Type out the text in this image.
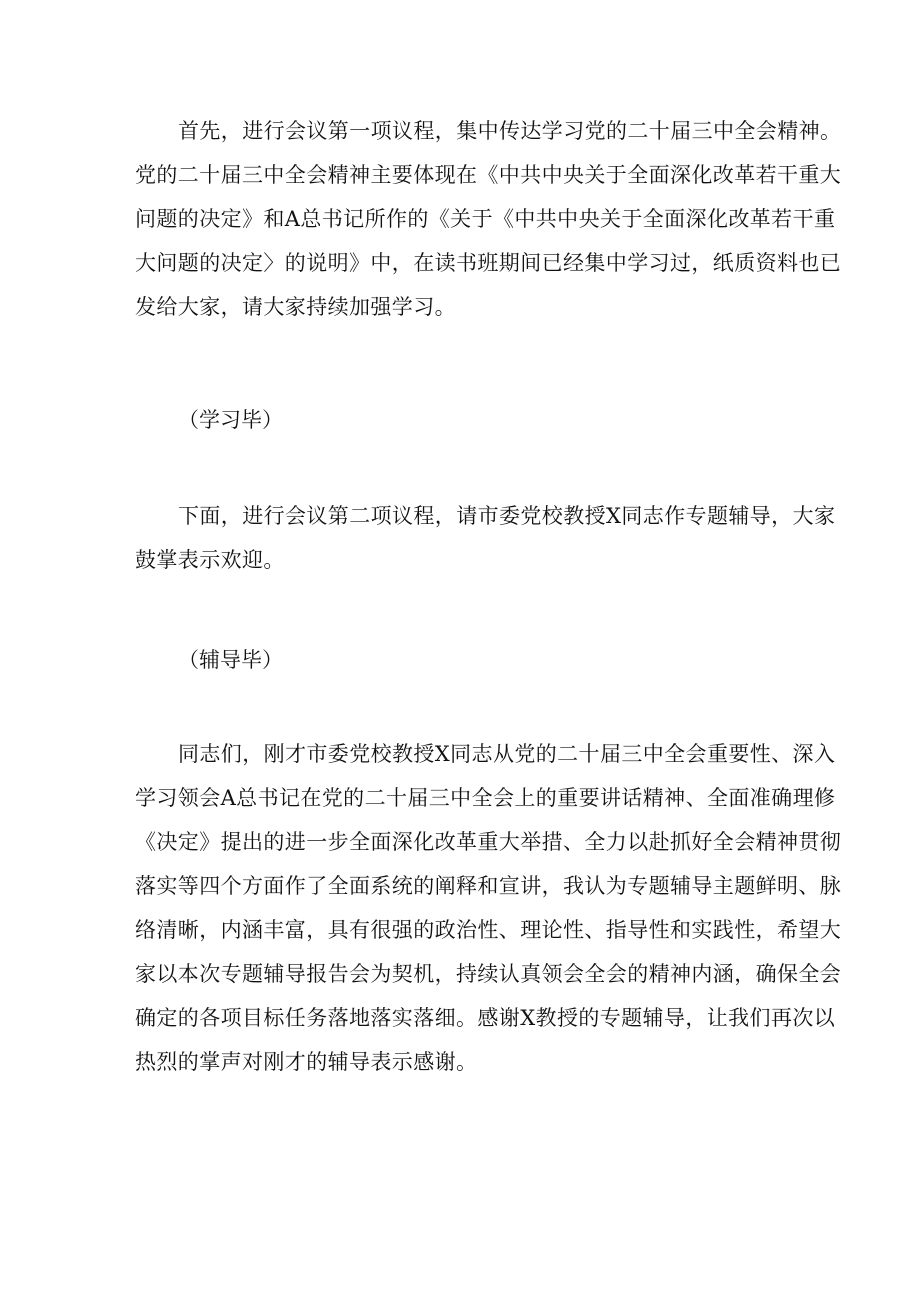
首先，进行会议第一项议程，集中传达学习党的二十届三中全会精神。
党的二十届三中全会精神主要体现在《中共中央关于全面深化改革若干重大
问题的决定》和A总书记所作的《关于《中共中央关于全面深化改革若干重
大问题的决定〉的说明》中，在读书班期间已经集中学习过，纸质资料也已
发给大家，请大家持续加强学习。
（学习毕）
下面，进行会议第二项议程，请市委党校教授X同志作专题辅导，大家
鼓掌表示欢迎。
（辅导毕）
同志们，刚才市委党校教授X同志从党的二十届三中全会重要性、深入
学习领会A总书记在党的二十届三中全会上的重要讲话精神、全面准确理修
《决定》提出的进一步全面深化改革重大举措、全力以赴抓好全会精神贯彻
落实等四个方面作了全面系统的阐释和宣讲，我认为专题辅导主题鲜明、脉
络清晰，内涵丰富，具有很强的政治性、理论性、指导性和实践性，希望大
家以本次专题辅导报告会为契机，持续认真领会全会的精神内涵，确保全会
确定的各项目标任务落地落实落细。感谢X教授的专题辅导，让我们再次以
热烈的掌声对刚才的辅导表示感谢。
